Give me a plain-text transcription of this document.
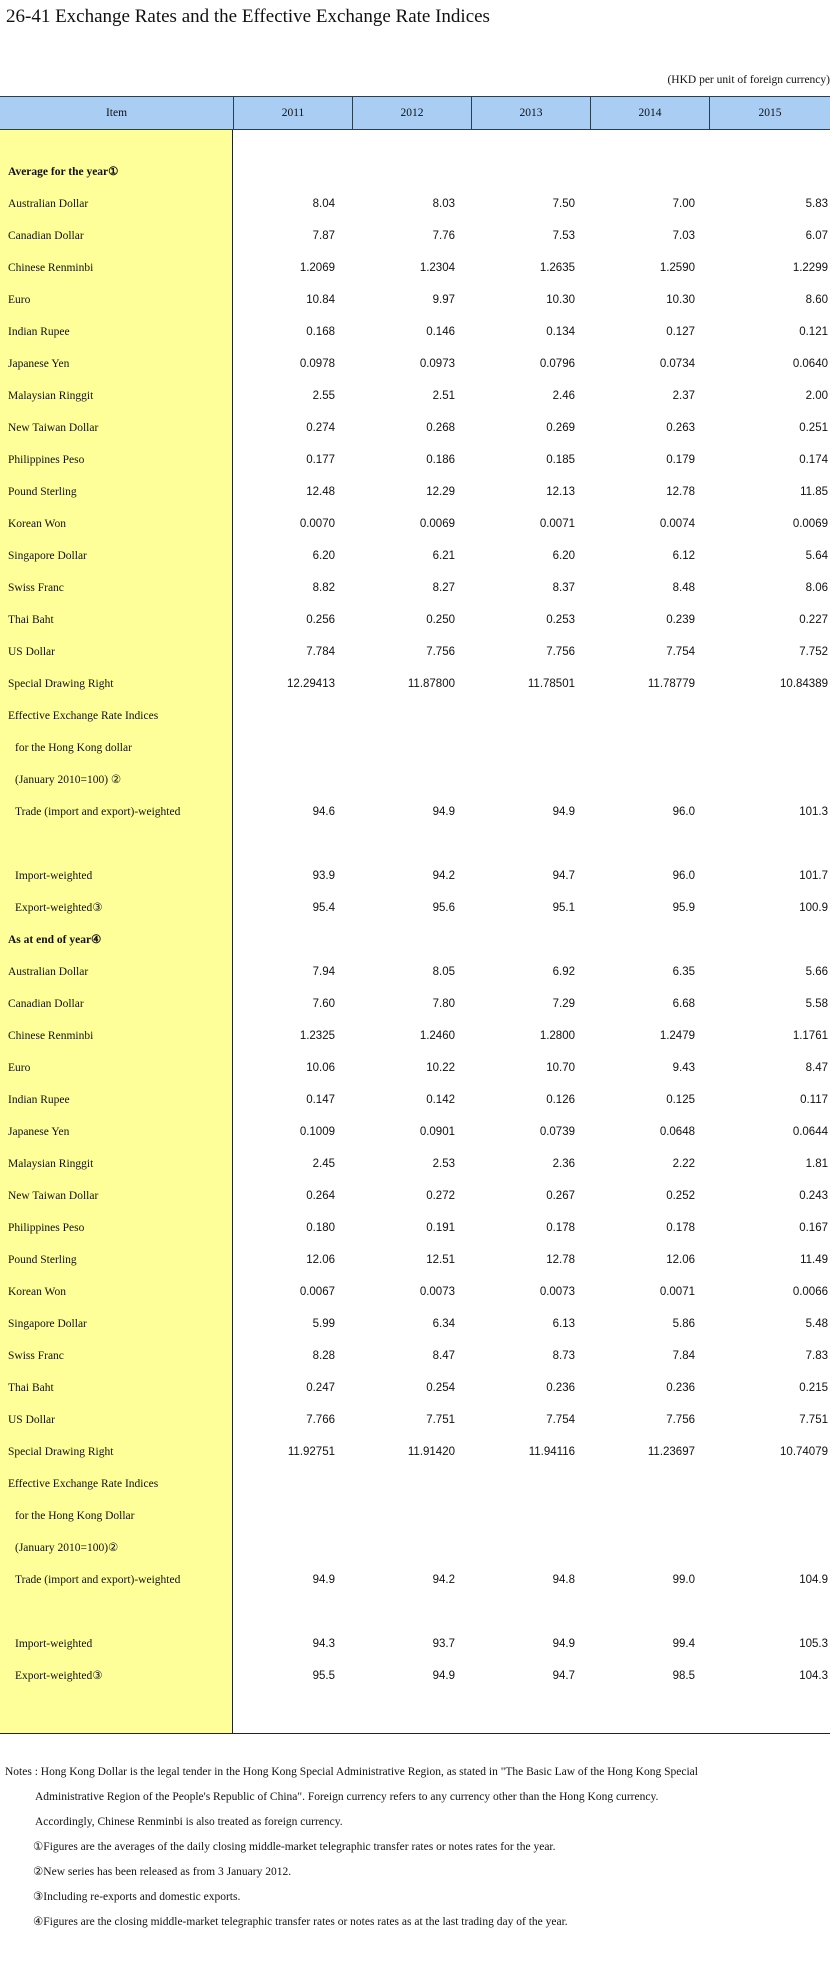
26-41 Exchange Rates and the Effective Exchange Rate Indices
(HKD per unit of foreign currency)
Item	2011	2012	2013	2014	2015
Average for the year①
Australian Dollar	8.04	8.03	7.50	7.00	5.83
Canadian Dollar	7.87	7.76	7.53	7.03	6.07
Chinese Renminbi	1.2069	1.2304	1.2635	1.2590	1.2299
Euro	10.84	9.97	10.30	10.30	8.60
Indian Rupee	0.168	0.146	0.134	0.127	0.121
Japanese Yen	0.0978	0.0973	0.0796	0.0734	0.0640
Malaysian Ringgit	2.55	2.51	2.46	2.37	2.00
New Taiwan Dollar	0.274	0.268	0.269	0.263	0.251
Philippines Peso	0.177	0.186	0.185	0.179	0.174
Pound Sterling	12.48	12.29	12.13	12.78	11.85
Korean Won	0.0070	0.0069	0.0071	0.0074	0.0069
Singapore Dollar	6.20	6.21	6.20	6.12	5.64
Swiss Franc	8.82	8.27	8.37	8.48	8.06
Thai Baht	0.256	0.250	0.253	0.239	0.227
US Dollar	7.784	7.756	7.756	7.754	7.752
Special Drawing Right	12.29413	11.87800	11.78501	11.78779	10.84389
Effective Exchange Rate Indices
for the Hong Kong dollar
(January 2010=100) ②
Trade (import and export)-weighted	94.6	94.9	94.9	96.0	101.3
Import-weighted	93.9	94.2	94.7	96.0	101.7
Export-weighted③	95.4	95.6	95.1	95.9	100.9
As at end of year④
Australian Dollar	7.94	8.05	6.92	6.35	5.66
Canadian Dollar	7.60	7.80	7.29	6.68	5.58
Chinese Renminbi	1.2325	1.2460	1.2800	1.2479	1.1761
Euro	10.06	10.22	10.70	9.43	8.47
Indian Rupee	0.147	0.142	0.126	0.125	0.117
Japanese Yen	0.1009	0.0901	0.0739	0.0648	0.0644
Malaysian Ringgit	2.45	2.53	2.36	2.22	1.81
New Taiwan Dollar	0.264	0.272	0.267	0.252	0.243
Philippines Peso	0.180	0.191	0.178	0.178	0.167
Pound Sterling	12.06	12.51	12.78	12.06	11.49
Korean Won	0.0067	0.0073	0.0073	0.0071	0.0066
Singapore Dollar	5.99	6.34	6.13	5.86	5.48
Swiss Franc	8.28	8.47	8.73	7.84	7.83
Thai Baht	0.247	0.254	0.236	0.236	0.215
US Dollar	7.766	7.751	7.754	7.756	7.751
Special Drawing Right	11.92751	11.91420	11.94116	11.23697	10.74079
Effective Exchange Rate Indices
for the Hong Kong Dollar
(January 2010=100)②
Trade (import and export)-weighted	94.9	94.2	94.8	99.0	104.9
Import-weighted	94.3	93.7	94.9	99.4	105.3
Export-weighted③	95.5	94.9	94.7	98.5	104.3
Notes : Hong Kong Dollar is the legal tender in the Hong Kong Special Administrative Region, as stated in "The Basic Law of the Hong Kong Special
Administrative Region of the People's Republic of China". Foreign currency refers to any currency other than the Hong Kong currency.
Accordingly, Chinese Renminbi is also treated as foreign currency.
①Figures are the averages of the daily closing middle-market telegraphic transfer rates or notes rates for the year.
②New series has been released as from 3 January 2012.
③Including re-exports and domestic exports.
④Figures are the closing middle-market telegraphic transfer rates or notes rates as at the last trading day of the year.
